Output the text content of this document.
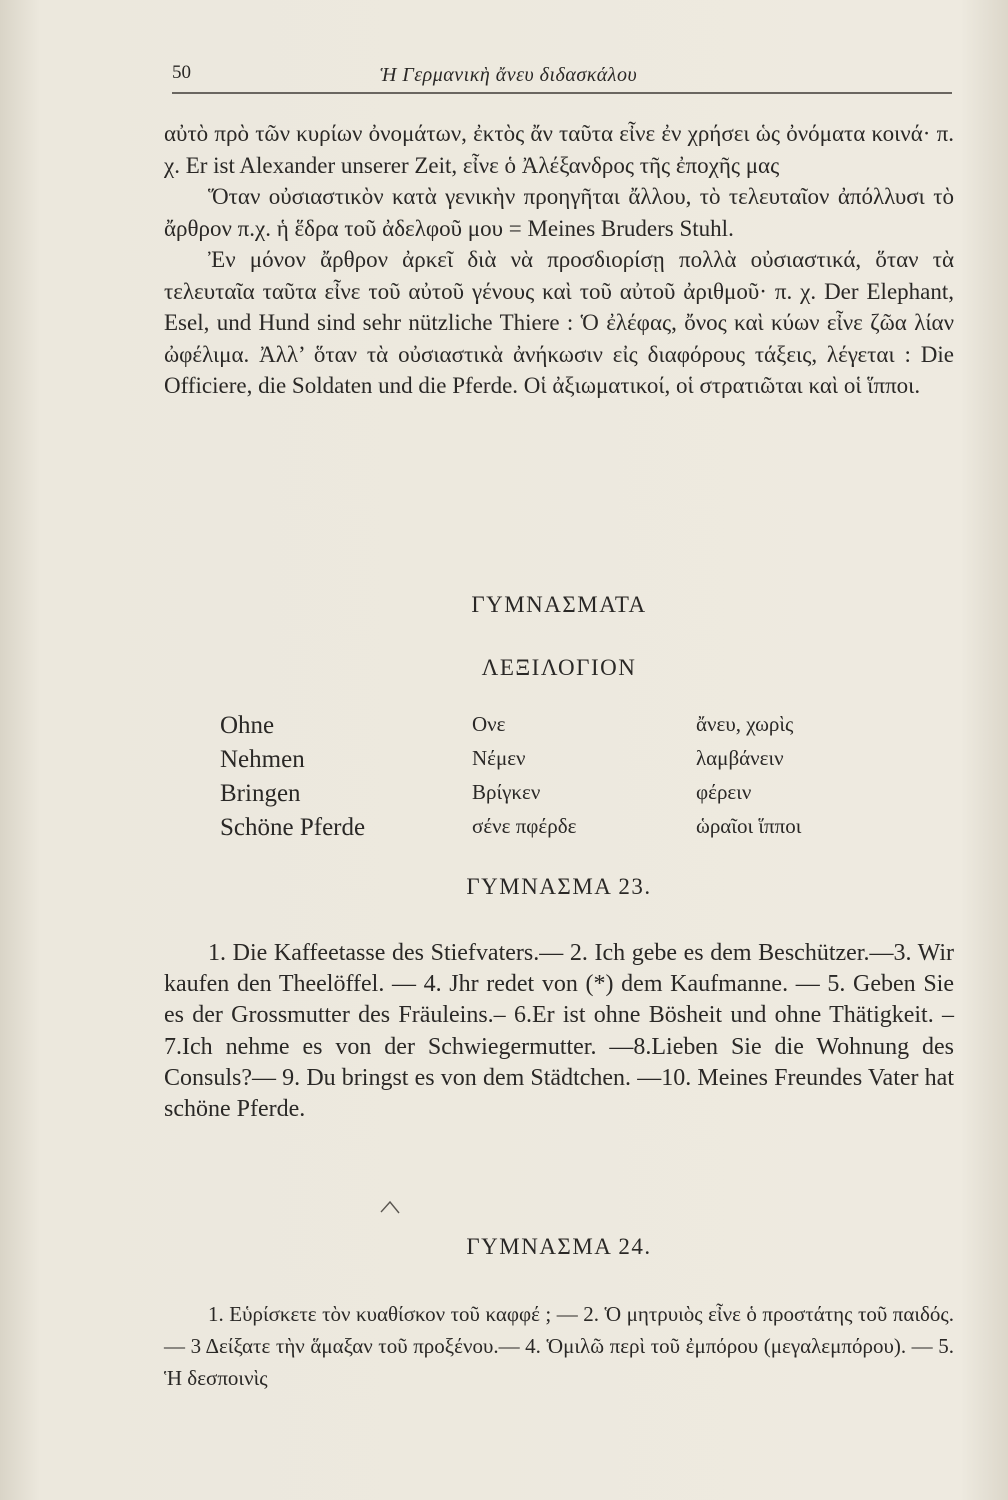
50	Ἡ Γερμανικὴ ἄνευ διδασκάλου

αὐτὸ πρὸ τῶν κυρίων ὀνομάτων, ἐκτὸς ἄν ταῦτα εἶνε ἐν χρήσει ὡς ὀνόματα κοινά· π. χ. Er ist Alexander unserer Zeit, εἶνε ὁ Ἀλέξανδρος τῆς ἐποχῆς μας

Ὅταν οὐσιαστικὸν κατὰ γενικὴν προηγῆται ἄλλου, τὸ τελευταῖον ἀπόλλυσι τὸ ἄρθρον π.χ. ἡ ἕδρα τοῦ ἀδελφοῦ μου = Meines Bruders Stuhl.

Ἐν μόνον ἄρθρον ἀρκεῖ διὰ νὰ προσδιορίσῃ πολλὰ οὐσιαστικά, ὅταν τὰ τελευταῖα ταῦτα εἶνε τοῦ αὐτοῦ γένους καὶ τοῦ αὐτοῦ ἀριθμοῦ· π. χ. Der Elephant, Esel, und Hund sind sehr nützliche Thiere : Ὁ ἐλέφας, ὄνος καὶ κύων εἶνε ζῶα λίαν ὠφέλιμα. Ἀλλ’ ὅταν τὰ οὐσιαστικὰ ἀνήκωσιν εἰς διαφόρους τάξεις, λέγεται : Die Officiere, die Soldaten und die Pferde. Οἱ ἀξιωματικοί, οἱ στρατιῶται καὶ οἱ ἵπποι.

ΓΥΜΝΑΣΜΑΤΑ
ΛΕΞΙΛΟΓΙΟΝ
Ohne	Ονε	ἄνευ, χωρὶς
Nehmen	Νέμεν	λαμβάνειν
Bringen	Βρίγκεν	φέρειν
Schöne Pferde	σένε πφέρδε	ὡραῖοι ἵπποι
ΓΥΜΝΑΣΜΑ 23.

1. Die Kaffeetasse des Stiefvaters.— 2. Ich gebe es dem Beschützer.—3. Wir kaufen den Theelöffel. — 4. Jhr redet von (*) dem Kaufmanne. — 5. Geben Sie es der Grossmutter des Fräuleins.– 6.Er ist ohne Bösheit und ohne Thätigkeit. –7.Ich nehme es von der Schwiegermutter. —8.Lieben Sie die Wohnung des Consuls?— 9. Du bringst es von dem Städtchen. —10. Meines Freundes Vater hat schöne Pferde.

ΓΥΜΝΑΣΜΑ 24.

1. Εὑρίσκετε τὸν κυαθίσκον τοῦ καφφέ ; — 2. Ὁ μητρυιὸς εἶνε ὁ προστάτης τοῦ παιδός.— 3 Δείξατε τὴν ἅμαξαν τοῦ προξένου.— 4. Ὁμιλῶ περὶ τοῦ ἐμπόρου (μεγαλεμπόρου). — 5. Ἡ δεσποινὶς
